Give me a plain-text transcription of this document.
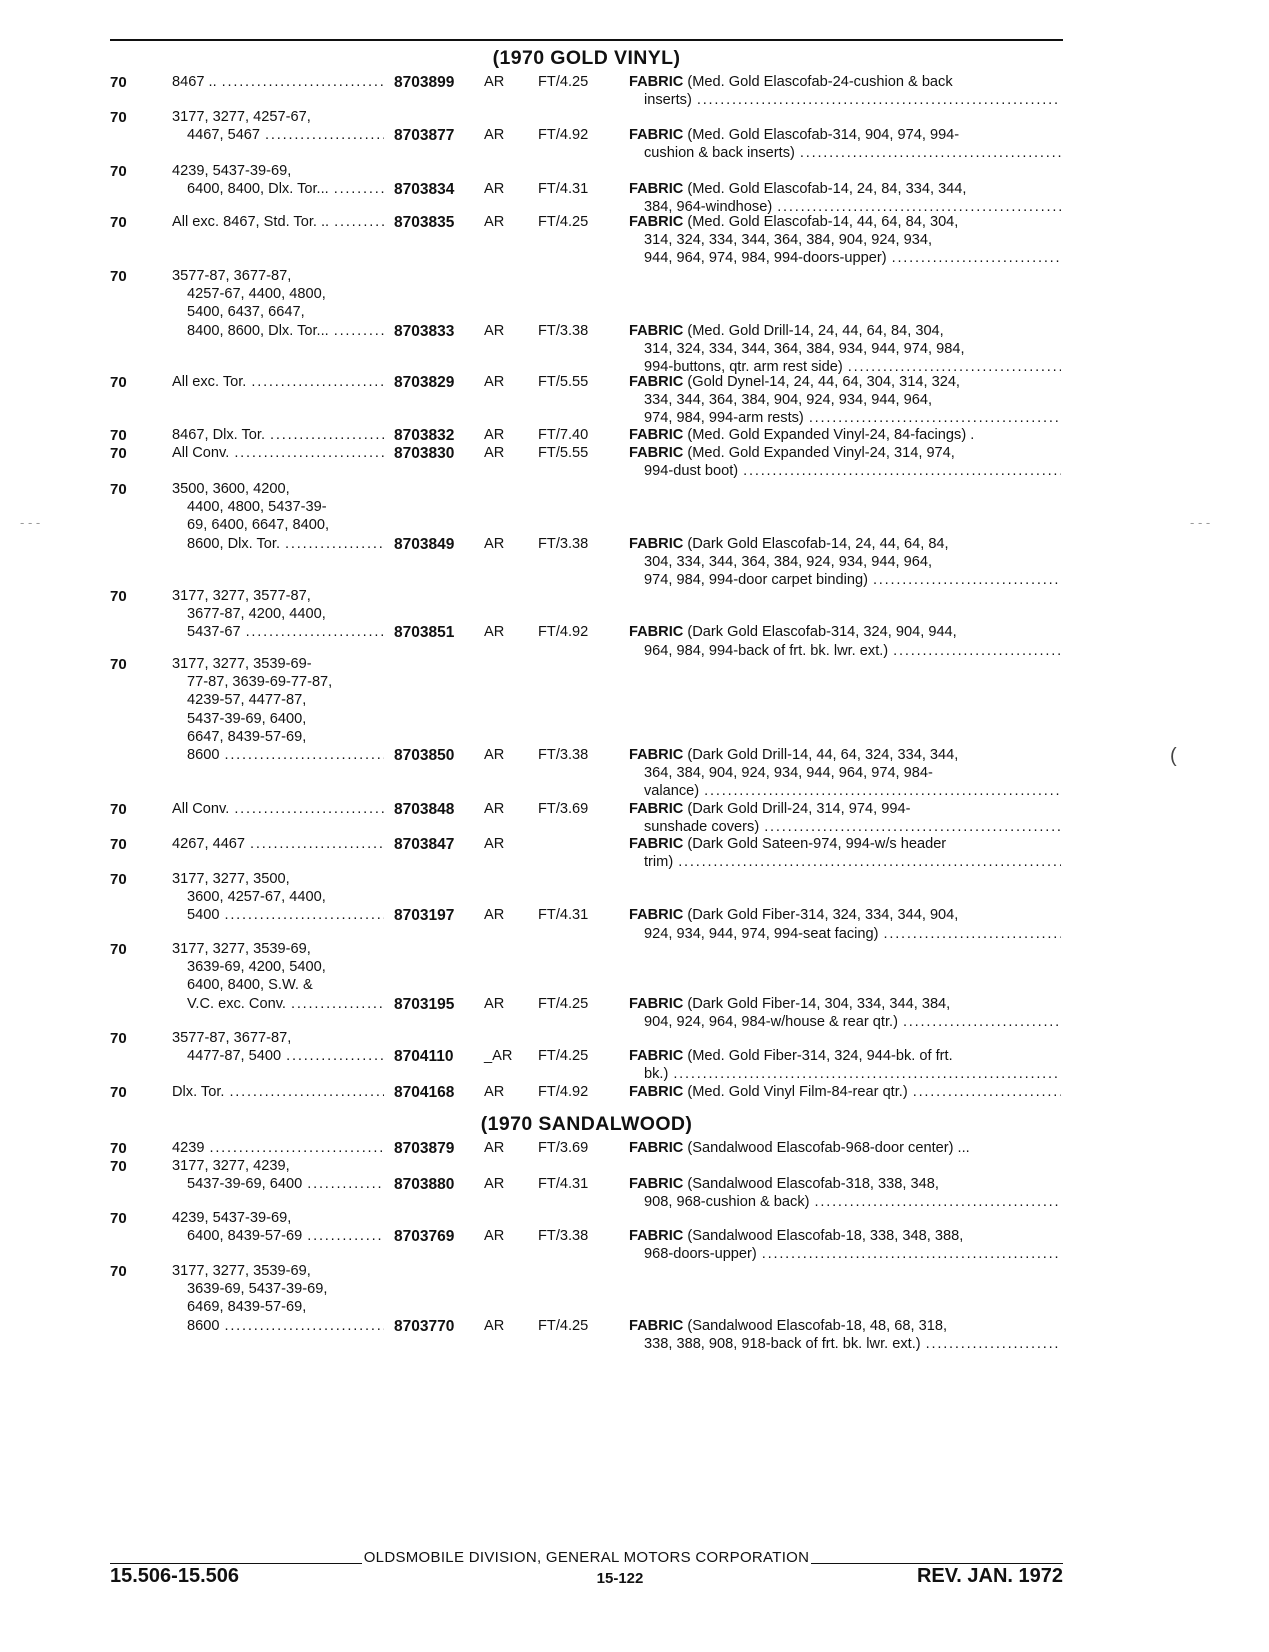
(1970 GOLD VINYL)
(1970 SANDALWOOD)
70	8467 .. .....	8703899 AR FT/4.25	FABRIC (Med. Gold Elascofab-24-cushion & back
inserts)
.....
70	3177, 3277, 4257-67,
4467, 5467 .....	8703877 AR FT/4.92	FABRIC (Med. Gold Elascofab-314, 904, 974, 994-
cushion & back inserts)
.....
70	4239, 5437-39-69,
6400, 8400, Dlx. Tor... .....	8703834 AR FT/4.31	FABRIC (Med. Gold Elascofab-14, 24, 84, 334, 344,
384, 964-windhose)
.....
70	All exc. 8467, Std. Tor. .. .....	8703835 AR FT/4.25	FABRIC (Med. Gold Elascofab-14, 44, 64, 84, 304,
314, 324, 334, 344, 364, 384, 904, 924, 934,
944, 964, 974, 984, 994-doors-upper)
.....
70	3577-87, 3677-87,
4257-67, 4400, 4800,
5400, 6437, 6647,
8400, 8600, Dlx. Tor... .....	8703833 AR FT/3.38	FABRIC (Med. Gold Drill-14, 24, 44, 64, 84, 304,
314, 324, 334, 344, 364, 384, 934, 944, 974, 984,
994-buttons, qtr. arm rest side)
.....
70	All exc. Tor. .....	8703829 AR FT/5.55	FABRIC (Gold Dynel-14, 24, 44, 64, 304, 314, 324,
334, 344, 364, 384, 904, 924, 934, 944, 964,
974, 984, 994-arm rests)
.....
70	8467, Dlx. Tor. .....	8703832 AR FT/7.40	FABRIC (Med. Gold Expanded Vinyl-24, 84-facings) .
70	All Conv. .....	8703830 AR FT/5.55	FABRIC (Med. Gold Expanded Vinyl-24, 314, 974,
994-dust boot)
.....
70	3500, 3600, 4200,
4400, 4800, 5437-39-
69, 6400, 6647, 8400,
8600, Dlx. Tor. .....	8703849 AR FT/3.38	FABRIC (Dark Gold Elascofab-14, 24, 44, 64, 84,
304, 334, 344, 364, 384, 924, 934, 944, 964,
974, 984, 994-door carpet binding)
.....
70	3177, 3277, 3577-87,
3677-87, 4200, 4400,
5437-67 .....	8703851 AR FT/4.92	FABRIC (Dark Gold Elascofab-314, 324, 904, 944,
964, 984, 994-back of frt. bk. lwr. ext.)
.....
70	3177, 3277, 3539-69-
77-87, 3639-69-77-87,
4239-57, 4477-87,
5437-39-69, 6400,
6647, 8439-57-69,
8600 .....	8703850 AR FT/3.38	FABRIC (Dark Gold Drill-14, 44, 64, 324, 334, 344,
364, 384, 904, 924, 934, 944, 964, 974, 984-
valance)
.....
70	All Conv. .....	8703848 AR FT/3.69	FABRIC (Dark Gold Drill-24, 314, 974, 994-
sunshade covers)
.....
70	4267, 4467 .....	8703847 AR	FABRIC (Dark Gold Sateen-974, 994-w/s header
trim)
.....
70	3177, 3277, 3500,
3600, 4257-67, 4400,
5400 .....	8703197 AR FT/4.31	FABRIC (Dark Gold Fiber-314, 324, 334, 344, 904,
924, 934, 944, 974, 994-seat facing)
.....
70	3177, 3277, 3539-69,
3639-69, 4200, 5400,
6400, 8400, S.W. &
V.C. exc. Conv. .....	8703195 AR FT/4.25	FABRIC (Dark Gold Fiber-14, 304, 334, 344, 384,
904, 924, 964, 984-w/house & rear qtr.)
.....
70	3577-87, 3677-87,
4477-87, 5400 .....	8704110 _AR FT/4.25	FABRIC (Med. Gold Fiber-314, 324, 944-bk. of frt.
bk.)
.....
70	Dlx. Tor. .....	8704168 AR FT/4.92	FABRIC (Med. Gold Vinyl Film-84-rear qtr.)
.....
70	4239 .....	8703879 AR FT/3.69	FABRIC (Sandalwood Elascofab-968-door center) ...
70	3177, 3277, 4239,
5437-39-69, 6400 .....	8703880 AR FT/4.31	FABRIC (Sandalwood Elascofab-318, 338, 348,
908, 968-cushion & back)
.....
70	4239, 5437-39-69,
6400, 8439-57-69 .....	8703769 AR FT/3.38	FABRIC (Sandalwood Elascofab-18, 338, 348, 388,
968-doors-upper)
.....
70	3177, 3277, 3539-69,
3639-69, 5437-39-69,
6469, 8439-57-69,
8600 .....	8703770 AR FT/4.25	FABRIC (Sandalwood Elascofab-18, 48, 68, 318,
338, 388, 908, 918-back of frt. bk. lwr. ext.)
.....
- - -	- - -
(
OLDSMOBILE DIVISION, GENERAL MOTORS CORPORATION
15.506-15.506	15-122	REV. JAN. 1972
